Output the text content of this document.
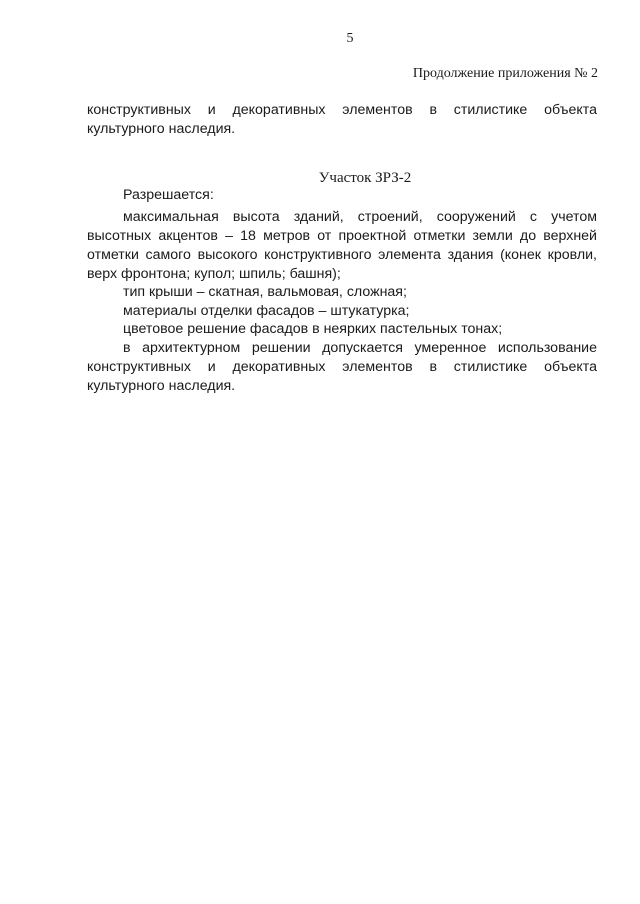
5
Продолжение приложения № 2

конструктивных и декоративных элементов в стилистике объекта

культурного наследия.

Участок ЗРЗ-2

Разрешается:

максимальная высота зданий, строений, сооружений с учетом

высотных акцентов – 18 метров от проектной отметки земли до верхней

отметки самого высокого конструктивного элемента здания (конек кровли,

верх фронтона; купол; шпиль; башня);

тип крыши – скатная, вальмовая, сложная;

материалы отделки фасадов – штукатурка;

цветовое решение фасадов в неярких пастельных тонах;

в архитектурном решении допускается умеренное использование

конструктивных и декоративных элементов в стилистике объекта

культурного наследия.
